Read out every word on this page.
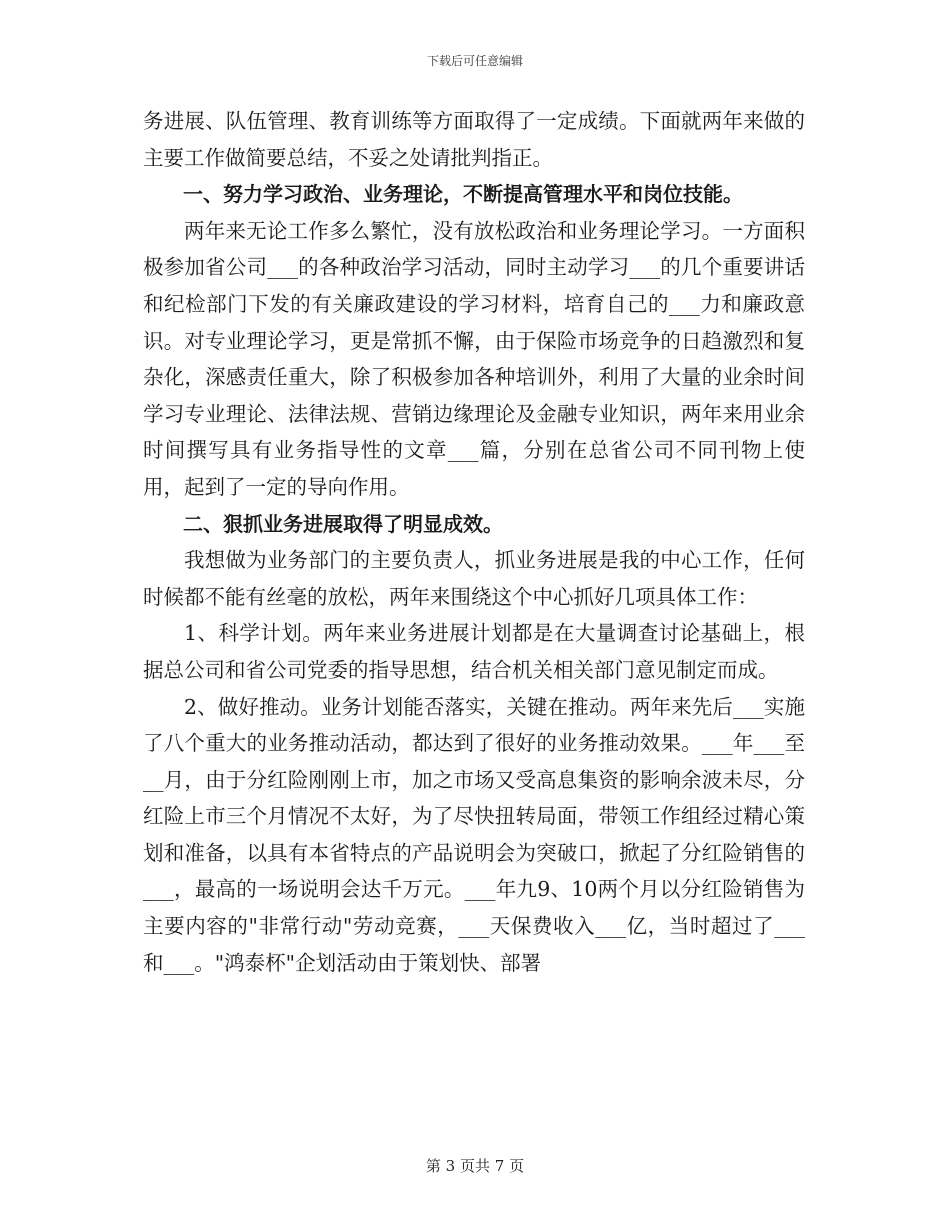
下载后可任意编辑

务进展、队伍管理、教育训练等方面取得了一定成绩。下面就两年来做的主要工作做简要总结，不妥之处请批判指正。

一、努力学习政治、业务理论，不断提高管理水平和岗位技能。

两年来无论工作多么繁忙，没有放松政治和业务理论学习。一方面积极参加省公司___的各种政治学习活动，同时主动学习___的几个重要讲话和纪检部门下发的有关廉政建设的学习材料，培育自己的___力和廉政意识。对专业理论学习，更是常抓不懈，由于保险市场竞争的日趋激烈和复杂化，深感责任重大，除了积极参加各种培训外，利用了大量的业余时间学习专业理论、法律法规、营销边缘理论及金融专业知识，两年来用业余时间撰写具有业务指导性的文章___篇，分别在总省公司不同刊物上使用，起到了一定的导向作用。

二、狠抓业务进展取得了明显成效。

我想做为业务部门的主要负责人，抓业务进展是我的中心工作，任何时候都不能有丝毫的放松，两年来围绕这个中心抓好几项具体工作：

1、科学计划。两年来业务进展计划都是在大量调查讨论基础上，根据总公司和省公司党委的指导思想，结合机关相关部门意见制定而成。

2、做好推动。业务计划能否落实，关键在推动。两年来先后___实施了八个重大的业务推动活动，都达到了很好的业务推动效果。___年___至__月，由于分红险刚刚上市，加之市场又受高息集资的影响余波未尽，分红险上市三个月情况不太好，为了尽快扭转局面，带领工作组经过精心策划和准备，以具有本省特点的产品说明会为突破口，掀起了分红险销售的___，最高的一场说明会达千万元。___年九9、10两个月以分红险销售为主要内容的"非常行动"劳动竞赛，___天保费收入___亿，当时超过了___和___。"鸿泰杯"企划活动由于策划快、部署

第 3 页共 7 页
